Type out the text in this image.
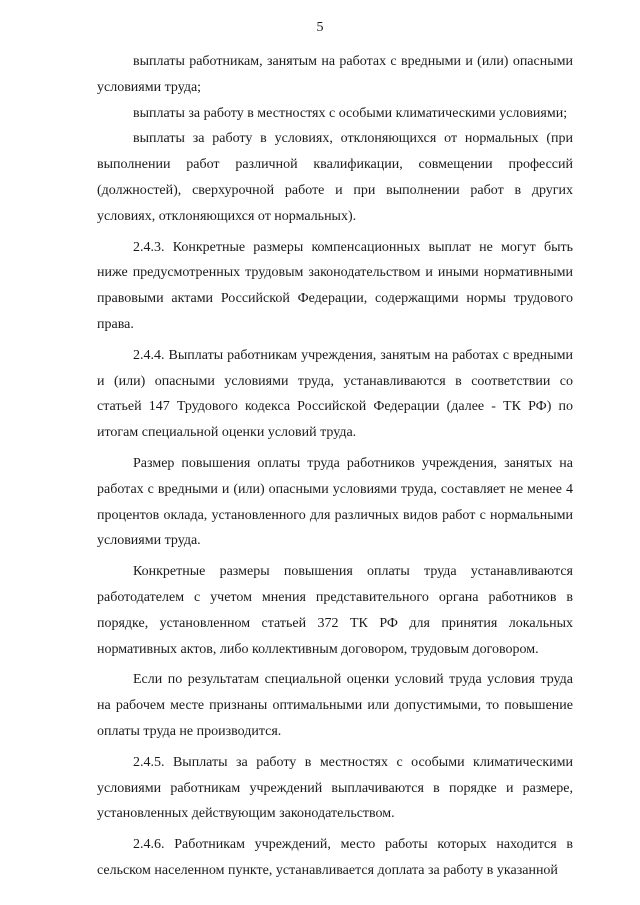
5

выплаты работникам, занятым на работах с вредными и (или) опасными условиями труда;

выплаты за работу в местностях с особыми климатическими условиями;

выплаты за работу в условиях, отклоняющихся от нормальных (при выполнении работ различной квалификации, совмещении профессий (должностей), сверхурочной работе и при выполнении работ в других условиях, отклоняющихся от нормальных).

2.4.3. Конкретные размеры компенсационных выплат не могут быть ниже предусмотренных трудовым законодательством и иными нормативными правовыми актами Российской Федерации, содержащими нормы трудового права.

2.4.4. Выплаты работникам учреждения, занятым на работах с вредными и (или) опасными условиями труда, устанавливаются в соответствии со статьей 147 Трудового кодекса Российской Федерации (далее - ТК РФ) по итогам специальной оценки условий труда.

Размер повышения оплаты труда работников учреждения, занятых на работах с вредными и (или) опасными условиями труда, составляет не менее 4 процентов оклада, установленного для различных видов работ с нормальными условиями труда.

Конкретные размеры повышения оплаты труда устанавливаются работодателем с учетом мнения представительного органа работников в порядке, установленном статьей 372 ТК РФ для принятия локальных нормативных актов, либо коллективным договором, трудовым договором.

Если по результатам специальной оценки условий труда условия труда на рабочем месте признаны оптимальными или допустимыми, то повышение оплаты труда не производится.

2.4.5. Выплаты за работу в местностях с особыми климатическими условиями работникам учреждений выплачиваются в порядке и размере, установленных действующим законодательством.

2.4.6. Работникам учреждений, место работы которых находится в сельском населенном пункте, устанавливается доплата за работу в указанной
